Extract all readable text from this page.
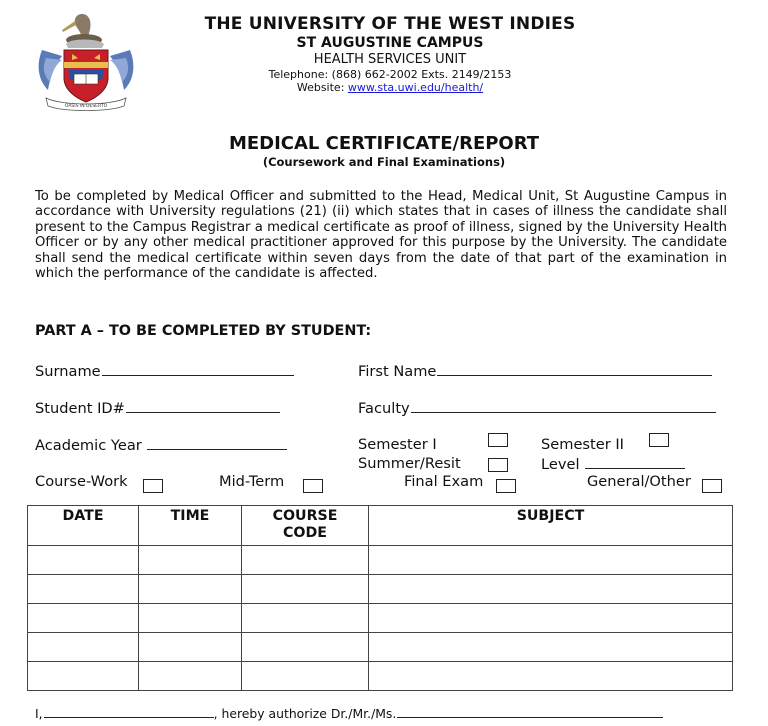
OASIS IN DESERTO
THE UNIVERSITY OF THE WEST INDIES
ST AUGUSTINE CAMPUS
HEALTH SERVICES UNIT
Telephone: (868) 662-2002 Exts. 2149/2153
Website: www.sta.uwi.edu/health/
MEDICAL CERTIFICATE/REPORT
(Coursework and Final Examinations)

To be completed by Medical Officer and submitted to the Head, Medical Unit, St Augustine Campus in accordance with University regulations (21) (ii) which states that in cases of illness the candidate shall present to the Campus Registrar a medical certificate as proof of illness, signed by the University Health Officer or by any other medical practitioner approved for this purpose by the University. The candidate shall send the medical certificate within seven days from the date of that part of the examination in which the performance of the candidate is affected.

PART A – TO BE COMPLETED BY STUDENT:
Surname	First Name
Student ID#	Faculty
Academic Year	Semester I	Semester II
Summer/Resit	Level
Course-Work	Mid-Term	Final Exam	General/Other
DATE	TIME	COURSE CODE	SUBJECT

I,	, hereby authorize Dr./Mr./Ms.
